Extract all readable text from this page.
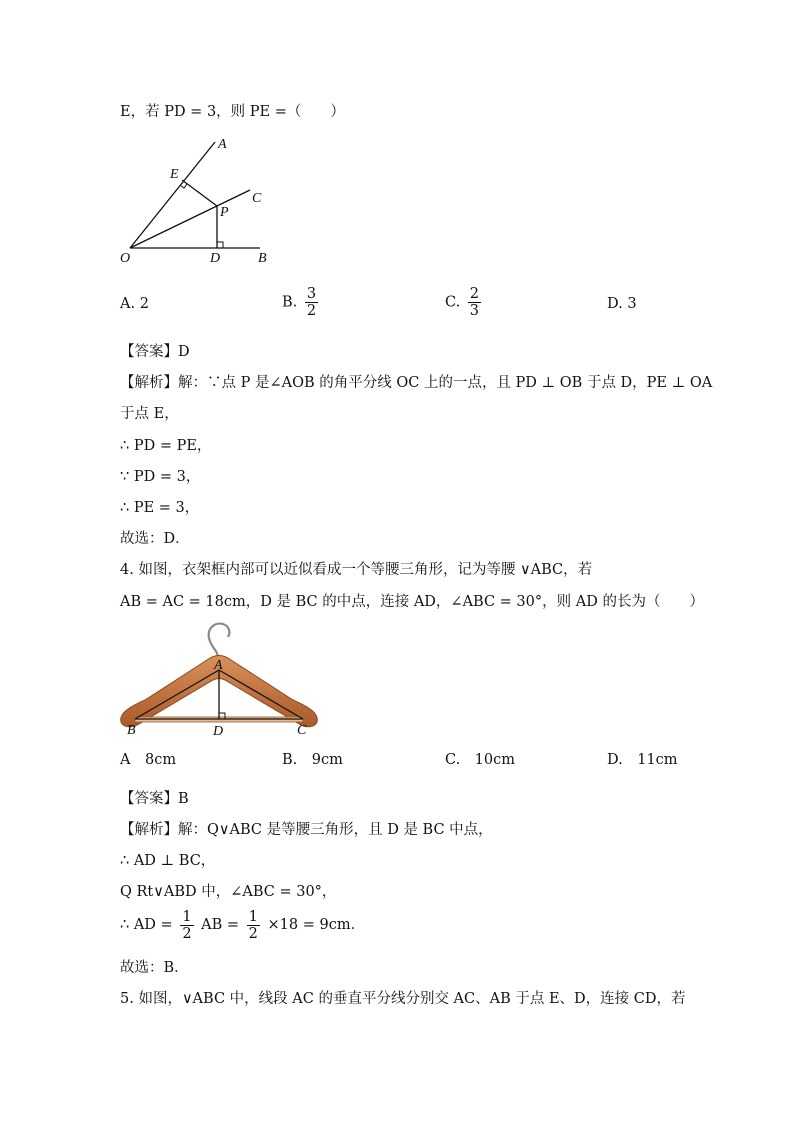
E，若 PD = 3，则 PE =（　　）
A
E
C
P
O	D	B
A. 2	B. $\frac{3}{2}$	C. $\frac{2}{3}$	D. 3
【答案】D
【解析】解：∵点 P 是∠AOB 的角平分线 OC 上的一点，且 PD ⊥ OB 于点 D，PE ⊥ OA
于点 E，
∴ PD = PE，
∵ PD = 3，
∴ PE = 3，
故选：D．
4. 如图，衣架框内部可以近似看成一个等腰三角形，记为等腰 ∨ABC，若
AB = AC = 18cm，D 是 BC 的中点，连接 AD，∠ABC = 30°，则 AD 的长为（　　）
A
B	C
D
A　8cm	B.　9cm	C.　10cm	D.　11cm
【答案】B
【解析】解：Q∨ABC 是等腰三角形，且 D 是 BC 中点，
∴ AD ⊥ BC，
Q Rt∨ABD 中，∠ABC = 30°，
∴ AD = $\frac{1}{2}$ AB = $\frac{1}{2} \times 18 = 9cm$．
故选：B．
5. 如图，∨ABC 中，线段 AC 的垂直平分线分别交 AC、AB 于点 E、D，连接 CD，若
